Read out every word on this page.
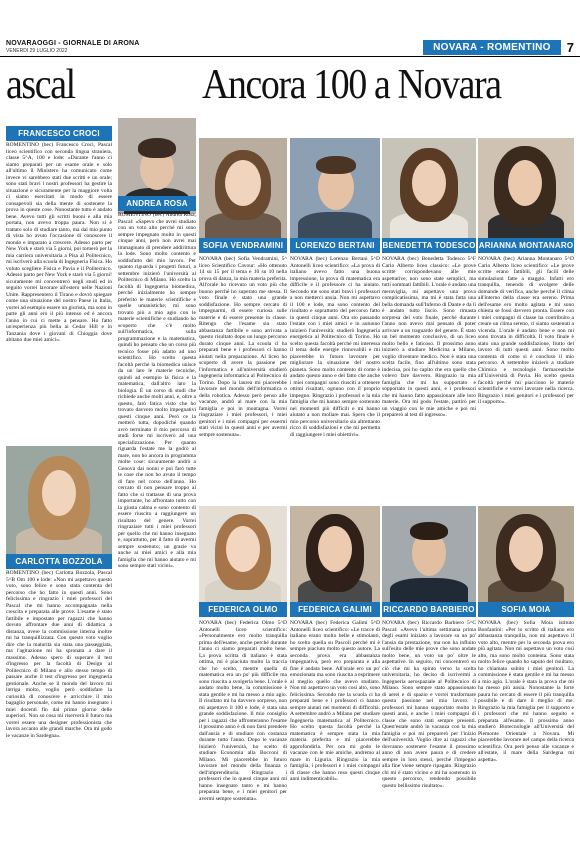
NOVARAOGGI - GIORNALE DI ARONA
VENERDI 29 LUGLIO 2022	NOVARA - ROMENTINO	7
ascal	Ancora 100 a Novara
ANDREA ROSA
FRANCESCO CROCI
SOFIA VENDRAMINI	LORENZO BERTANI BENEDETTA TODESCO ARIANNA MONTANARO
CARLOTTA BOZZOLA
FEDERICA OLMO	FEDERICA GALIMI	RICCARDO BARBIERO	SOFIA MOIA

ROMENTINO (bec) Francesco Croci, Pascal liceo scientifico con seconda lingua straniera, classe 5^A, 100 e lode: «Durante l'anno ci siamo preparati per un esame orale e solo all'ultimo il Ministero ha comunicato come invece vi sarebbero stati due scritti e un orale; sono stati bravi i nostri professori ha gestire la situazione e sicuramente per la maggiore volta ci siamo esercitati in modo di essere consapevoli sia della mente di sostenere la prova in queste cose. Nonostante tutto è andato bene. Avevo tutti gli scritti buoni e alla mia portata, non avevo troppa paura. Non si è trattato solo di studiare tanto, ma dal mio punto di vista ho avuto l'occasione di conoscere il mondo e imparato a crescere. Adesso parto per New York e starò via 5 giorni, poi tornerò per la mia carriera universitaria a Pisa al Politecnico, mi iscriverò alla scuola di Ingegneria Fisica. Ho voluto scegliere Fisica e Pavia e il Politecnico. Adesso parto per New York e starò via 5 giorni! sicuramente mi concentrerò negli studi ed in seguito vorrei lavorare all'estero nelle Nazioni Unite. Rappresentero il Tirano e dovrò spiegare come una situazione del nostro Paese in Italia, vorrei ad esempio essere un giurista, ma sono in parte gli anni ero il più intenso ed è ancora l'anno in cui ci mette a pensare. Ho fatto un'esperienza più bella ai Cedar Hill e in Tanzania dove i giovani di Chioggia dove abitano due miei amici».

ROMENTINO (bec) Andrea Rosa, Pascal: «Sapevo che avrei studiato con un voto alto perché mi sono sempre impegnato molto in questi cinque anni, però non avrei mai immaginato di prendere addirittura la lode. Sono molto contento e soddisfatto del mio lavoro. Per quanto riguarda i progetti futuri, a settembre inizierò l'università al Politecnico di Milano. Ho scelto la facoltà di Ingegneria biomedica, perché inizialmente ho sempre preferito le materie scientifiche e quelle umanistiche; mi sono trovato più a mio agio con le materie scientifiche e studiando ho scoperto che c'è molto sull'informatica, sulla programmazione e la matematica, quindi ho pensato che un corso più tecnico fosse più adatto ad uno scientifico. Ho scelto questa facoltà perché la biomedica unisce da un lato le materie tecniche, quindi ad esempio la fisica e la matematica, dall'altro lato la biologia. È un corso di studi che richiede anche molti anni, e, oltre a questo, farò fatica visto che ho trovato davvero molto impegnativi questi cinque anni. Però ce la metterò tutta, dopodiché quando avrò terminato il mio percorso di studi forse mi iscriverò ad una specializzazione. Per quanto riguarda l'estate me la godrò al mare, non ho ancora in programma molte cose: sicuramente andrò a Genova dai nonni e poi farò tutte le cose che non ho avuto il tempo di fare nel corso dell'anno. Ho cercato di non pensare troppo al fatto che si trattasse di una prova importante, ho affrontato tutto con la giusta calma e sono contento di essere riuscito a raggiungere un risultato del genere. Vorrei ringraziare tutti i miei professori per quello che mi hanno insegnato e, soprattutto, per il fatto di avermi sempre sostenuto; un grazie va anche ai miei amici e alla mia famiglia che mi hanno aiutato e mi sono sempre stati vicini».

ROMENTINO (bec) Carlotta Bozzola, Pascal 5^B Om 100 e lode: «Non mi aspettavo questo voto, sono felice e sono stata contenta del percorso che ho fatto in questi anni. Sono felicissima e ringrazio i miei professori del Pascal che mi hanno accompagnata nella crescita e preparata alle prove. L'esame è stato fattibile e impostato per ragazzi che hanno dovuto affrontare due anni di didattica a distanza, avere la commissione interna inoltre mi ha tranquillizzata. Con questo voto voglio dire che la maturità sia stata una passeggiata, ma l'agitazione mi ha spronata a dare il massimo. Adesso spero di superare il test d'ingresso per la facoltà di Design al Politecnico di Milano e allo stesso tempo di passare anche il test d'ingresso per ingegneria gestionale. Anche se il mondo del lavoro mi intriga molto, voglio però soddisfare la curiosità di conoscere e arricchire il mio bagaglio personale, come mi hanno insegnato i miei docenti fin dal primo giorno delle superiori. Non so cosa mi riserverà il futuro ma vorrei essere una designer professionista che lavora accanto alle grandi marche. Ora mi godo le vacanze in Sardegna».

NOVARA (bec) Sofia Vendramini, 5^ liceo Scientifico Cavour: «Ho ottenuto 14 su 15 per il tema e 10 su 10 nella prova di danza, la mia materia preferita. All'orale ho ricevuto un voto più che buono perché ho superato me stessa. Il voto finale è stato una grande soddisfazione. Ho sempre cercato di impegnarmi, di essere curiosa sulle materie e di essere presente in classe. Ritengo che l'esame sia stato abbastanza fattibile e sono arrivata a questo risultato dopo un lungo percorso durato cinque anni. La scuola ci ha preparati bene e i professori ci hanno aiutati nella preparazione. Al liceo ho scoperto di avere la passione per l'informatica e all'università studierò ingegneria informatica al Politecnico di Torino. Dopo la laurea mi piacerebbe lavorare nel mondo dell'informatica o della robotica. Adesso però penso alle vacanze, andrò al mare con la mia famiglia e poi in montagna. Vorrei ringraziare i miei professori, i miei genitori e i miei compagni per essermi stati vicini in questi anni e per avermi sempre sostenuta».

NOVARA (bec) Lorenzo Bertani 5^D Antonelli liceo scientifico: «La prova di italiano avevo fatto una buona impressione, la prova di matematica era difficile e il professore ci ha aiutato. Secondo me sono stati bravi i professori a non metterci ansia. Non mi aspettavo il 100 e lode, ma sono contento del risultato e soprattutto del percorso fatto in questi cinque anni. Ora sto passando l'estate con i miei amici e in autunno inizierò l'università: studierò Ingegneria energetica al Politecnico di Torino. Ho scelto questa facoltà perché mi interessa il tema delle energie rinnovabili e mi piacerebbe in futuro lavorare per migliorare la situazione del nostro pianeta. Sono molto contento di come è andato questo anno e del fatto che anche i miei compagni sono riusciti a ottenere ottimi risultati, ognuno con il proprio impegno. Ringrazio i professori e la mia famiglia che mi hanno sempre sostenuto nei momenti più difficili e mi hanno aiutato a non mollare mai. Spero che il mio percorso universitario sia altrettanto ricco di soddisfazioni e che mi permetta di raggiungere i miei obiettivi».

NOVARA (bec) Benedetta Todesco 5^F Carlo Alberto liceo classico: «Le prove scritte corrispondevano alle mie aspettative, non sono state semplici, ma tutti sommati fattibili. L'orale è andato una meraviglia, mi aspettavo una prova complicatissima, ma mi è stata fatta una bella domanda sull'Inferno di Dante e da lì è andato tutto liscio. Sono rimasta sorpresa del voto finale, perché durante l'anno non avevo mai pensato di poter arrivare a un traguardo del genere. È stato un bel momento conclusivo, di un liceo molto bello e faticoso. Il prossimo anno inizierò a studiare Medicina a Milano, voglio diventare medico. Non è stata una scelta facile, fino all'ultimo sono stata indecisa, poi ho capito che era quello che volevo fare davvero. Ringrazio la mia famiglia che mi ha supportato e sopportato in questi anni, e i professori che mi hanno fatto appassionare alle loro materie. Ora mi godo l'estate, partirò per un viaggio con le mie amiche e poi mi preparerò al test di ingresso».

NOVARA (bec) Arianna Montanaro 5^D Carlo Alberto liceo scientifico: «Le prove scritte erano fattibili, gli facili delle simulazioni fatte a maggio. Infatti ero tranquilla, tenendo di svolgere delle domande di verifica, anche perché il clima all'interno della classe era sereno. Prima dell'esame ero molto agitata e mi sono chiesta se fossi davvero pronta. Essere con i miei compagni di classe ha contribuito a creare un clima sereno, ci siamo sostenuti a vicenda. L'orale è andato bene e non mi sono trovata in difficoltà. Il voto finale è stato una grande soddisfazione, frutto del lavoro di tutti questi anni. Sono molto contenta di come si è concluso il mio percorso. A settembre inizierò a studiare Chimica e tecnologie farmaceutiche all'Università di Pavia. Ho scelto questa facoltà perché mi piacciono le materie scientifiche e vorrei lavorare nella ricerca. Ringrazio i miei genitori e i professori per il supporto».

NOVARA (bec) Federica Olmo 5^D Antonelli liceo scientifico: «Personalmente ero molto tranquilla prima dell'esame, anche perché durante l'anno ci siamo preparati molto bene. La prova scritta di italiano è stata ottima, mi è piaciuta molto la traccia che ho scelto, mentre quella di matematica era un po' più difficile ma sono riuscita a svolgerla bene. L'orale è andato molto bene, la commissione è stata gentile e mi ha messo a mio agio. Il risultato mi ha davvero sorpreso, non mi aspettavo il 100 e lode, è stata una grande soddisfazione. Il mio consiglio per i ragazzi che affronteranno l'esame il prossimo anno è di non farsi prendere dall'ansia e di studiare con costanza durante tutto l'anno. Dopo le vacanze inizierò l'università, ho scelto di studiare Economia alla Bocconi di Milano. Mi piacerebbe in futuro lavorare nel mondo della finanza o dell'imprenditoria. Ringrazio i professori che in questi cinque anni mi hanno insegnato tanto e mi hanno preparata bene, e i miei genitori per avermi sempre sostenuta».

NOVARA (bec) Federica Galimi 5^D Antonelli liceo scientifico: «Le tracce di italiano erano molto belle e stimolanti, ho scelto quella su Pascoli perché mi è sempre piaciuto molto questo autore. La seconda prova era abbastanza impegnativa, però ero preparata e alla fine è andata bene. All'orale ero un po' emozionata ma sono riuscita a esprimere al meglio quello che avevo studiato. Non mi aspettavo un voto così alto, sono felicissima. Secondo me la scuola ci ha preparati bene e i professori ci hanno sempre aiutati nei momenti di difficoltà. A settembre andrò a Milano per studiare Ingegneria matematica al Politecnico. Ho scelto questa facoltà perché la matematica è sempre stata la mia materia preferita e mi piacerebbe approfondirla. Per ora mi godo le vacanze con le mie amiche, andremo al mare in Liguria. Ringrazio la mia famiglia, i professori e i miei compagni di classe che hanno reso questi cinque anni indimenticabili».

NOVARA (bec) Riccardo Barbiero 5^C Pascal: «Avevo l'ultima settimana prima degli esami iniziato a lavorare su un po' l'ansia da prestazione, ma non ha influito sull'esito delle mie prove che sono andate molto bene, un voto un po' oltre le aspettative. In seguito, mi concentrerò su ciò che mi ha spinto verso la scelta universitaria, ho deciso di iscrivermi a Ingegneria aerospaziale al Politecnico di Milano. Sono sempre stato appassionato di aerei e di spazio e vorrei trasformare questa passione nel mio lavoro. I professori mi hanno supportato molto in questi anni, e anche i miei compagni di classe che sono stati sempre presenti. Quest'estate andrò in vacanza con la mia famiglia e poi mi preparerò per l'inizio dell'università. Voglio dire ai ragazzi che dovranno sostenere l'esame il prossimo anno di non avere paura e di credere sempre in loro stessi, perché l'impegno alla fine viene sempre ripagato. Ringrazio chi mi è stato vicino e mi ha sostenuto in questo percorso, rendendo possibile questo bellissimo risultato».

NOVARA (bec) Sofia Moia istituto Bonfantini: «Per lo scritto di italiano ero abbastanza tranquilla, non mi aspettavo il voto alto, mentre per la seconda prova ero più agitata. Non mi aspettavo un voto così alto, ma sono molto contenta. Sono stata molto felice quando ho saputo del risultato, ho chiamato subito i miei genitori. La commissione è stata gentile e mi ha messo a mio agio. L'orale è stata la prova che mi ha messo più ansia. Nonostante la forte paura ho cercato di essere il più tranquilla possibile e di dare il meglio di me. Ringrazio la mia famiglia per il supporto e i professori che mi hanno seguito e preparata all'esame. Il prossimo anno studierò Biotecnologie all'Università del Piemonte Orientale a Novara. Mi piacerebbe lavorare nel campo della ricerca scientifica. Ora però penso alle vacanze e all'estate, il mare della Sardegna mi aspetta».
